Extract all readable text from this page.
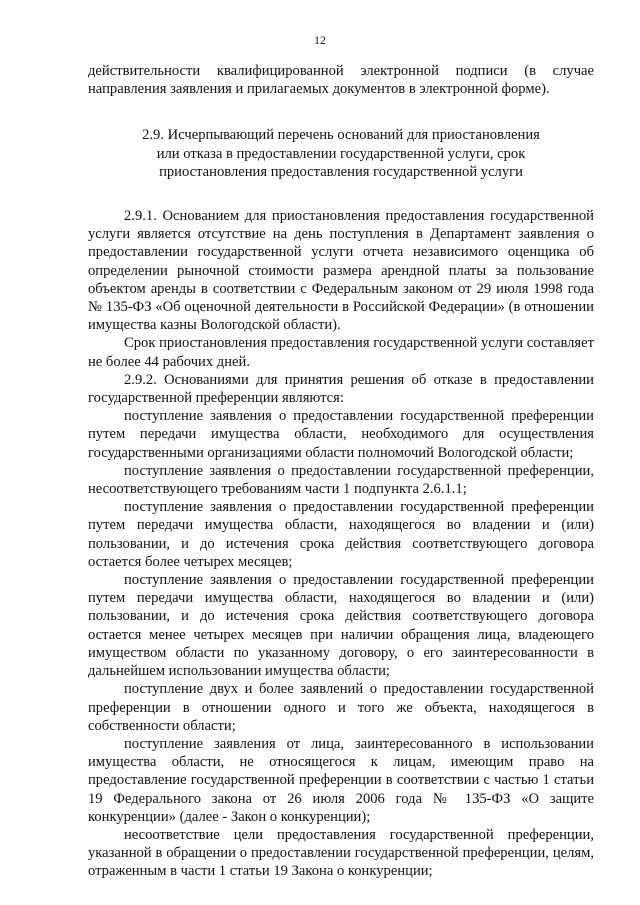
12

действительности квалифицированной электронной подписи (в случае направления заявления и прилагаемых документов в электронной форме).

2.9. Исчерпывающий перечень оснований для приостановления
или отказа в предоставлении государственной услуги, срок
приостановления предоставления государственной услуги

2.9.1. Основанием для приостановления предоставления государственной услуги является отсутствие на день поступления в Департамент заявления о предоставлении государственной услуги отчета независимого оценщика об определении рыночной стоимости размера арендной платы за пользование объектом аренды в соответствии с Федеральным законом от 29 июля 1998 года № 135-ФЗ «Об оценочной деятельности в Российской Федерации» (в отношении имущества казны Вологодской области).

Срок приостановления предоставления государственной услуги составляет не более 44 рабочих дней.

2.9.2. Основаниями для принятия решения об отказе в предоставлении государственной преференции являются:

поступление заявления о предоставлении государственной преференции путем передачи имущества области, необходимого для осуществления государственными организациями области полномочий Вологодской области;

поступление заявления о предоставлении государственной преференции, несоответствующего требованиям части 1 подпункта 2.6.1.1;

поступление заявления о предоставлении государственной преференции путем передачи имущества области, находящегося во владении и (или) пользовании, и до истечения срока действия соответствующего договора остается более четырех месяцев;

поступление заявления о предоставлении государственной преференции путем передачи имущества области, находящегося во владении и (или) пользовании, и до истечения срока действия соответствующего договора остается менее четырех месяцев при наличии обращения лица, владеющего имуществом области по указанному договору, о его заинтересованности в дальнейшем использовании имущества области;

поступление двух и более заявлений о предоставлении государственной преференции в отношении одного и того же объекта, находящегося в собственности области;

поступление заявления от лица, заинтересованного в использовании имущества области, не относящегося к лицам, имеющим право на предоставление государственной преференции в соответствии с частью 1 статьи 19 Федерального закона от 26 июля 2006 года № 135-ФЗ «О защите конкуренции» (далее - Закон о конкуренции);

несоответствие цели предоставления государственной преференции, указанной в обращении о предоставлении государственной преференции, целям, отраженным в части 1 статьи 19 Закона о конкуренции;
